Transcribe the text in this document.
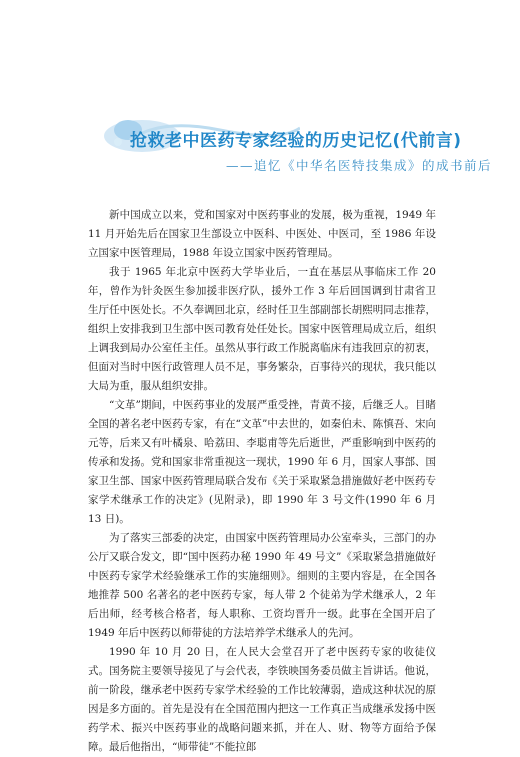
抢救老中医药专家经验的历史记忆(代前言)
——追忆《中华名医特技集成》的成书前后

新中国成立以来，党和国家对中医药事业的发展，极为重视，1949 年 11 月开始先后在国家卫生部设立中医科、中医处、中医司，至 1986 年设立国家中医管理局，1988 年设立国家中医药管理局。

我于 1965 年北京中医药大学毕业后，一直在基层从事临床工作 20 年，曾作为针灸医生参加援非医疗队，援外工作 3 年后回国调到甘肃省卫生厅任中医处长。不久奉调回北京，经时任卫生部副部长胡熙明同志推荐，组织上安排我到卫生部中医司教育处任处长。国家中医管理局成立后，组织上调我到局办公室任主任。虽然从事行政工作脱离临床有违我回京的初衷，但面对当时中医行政管理人员不足，事务繁杂，百事待兴的现状，我只能以大局为重，服从组织安排。

“文革”期间，中医药事业的发展严重受挫，青黄不接，后继乏人。目睹全国的著名老中医药专家，有在“文革”中去世的，如秦伯未、陈慎吾、宋向元等，后来又有叶橘泉、哈荔田、李聪甫等先后逝世，严重影响到中医药的传承和发扬。党和国家非常重视这一现状，1990 年 6 月，国家人事部、国家卫生部、国家中医药管理局联合发布《关于采取紧急措施做好老中医药专家学术继承工作的决定》(见附录)，即 1990 年 3 号文件(1990 年 6 月 13 日)。

为了落实三部委的决定，由国家中医药管理局办公室牵头，三部门的办公厅又联合发文，即“国中医药办秘 1990 年 49 号文”《采取紧急措施做好中医药专家学术经验继承工作的实施细则》。细则的主要内容是，在全国各地推荐 500 名著名的老中医药专家，每人带 2 个徒弟为学术继承人，2 年后出师，经考核合格者，每人职称、工资均晋升一级。此事在全国开启了 1949 年后中医药以师带徒的方法培养学术继承人的先河。

1990 年 10 月 20 日，在人民大会堂召开了老中医药专家的收徒仪式。国务院主要领导接见了与会代表，李铁映国务委员做主旨讲话。他说，前一阶段，继承老中医药专家学术经验的工作比较薄弱，造成这种状况的原因是多方面的。首先是没有在全国范围内把这一工作真正当成继承发扬中医药学术、振兴中医药事业的战略问题来抓，并在人、财、物等方面给予保障。最后他指出，“师带徒”不能拉郎
